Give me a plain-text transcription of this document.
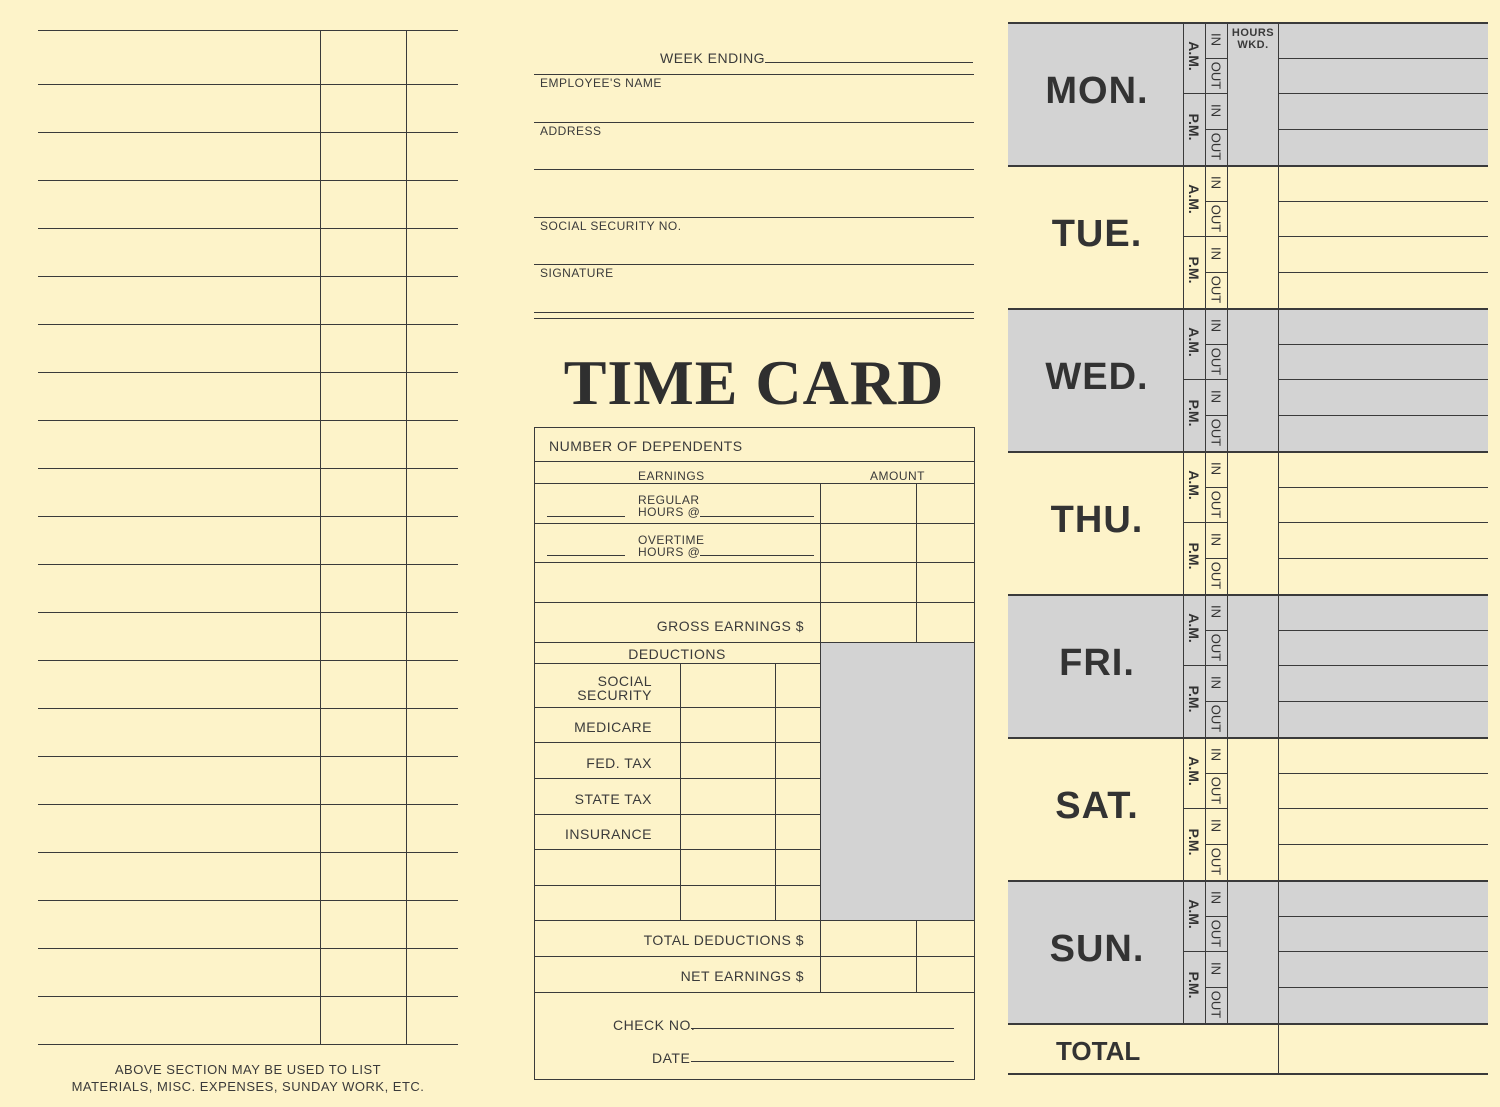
ABOVE SECTION MAY BE USED TO LIST
MATERIALS, MISC. EXPENSES, SUNDAY WORK, ETC.
WEEK ENDING
EMPLOYEE'S NAME
ADDRESS
SOCIAL SECURITY NO.
SIGNATURE
TIME CARD
NUMBER OF DEPENDENTS
EARNINGS	AMOUNT
REGULAR
HOURS @
OVERTIME
HOURS @
GROSS EARNINGS $
DEDUCTIONS
SOCIAL
SECURITY
MEDICARE
FED. TAX
STATE TAX
INSURANCE
TOTAL DEDUCTIONS $
NET EARNINGS $
CHECK NO.
DATE
MON.
A.M.
P.M.
IN
OUT
IN
OUT
TUE.
A.M.
P.M.
IN
OUT
IN
OUT
WED.
A.M.
P.M.
IN
OUT
IN
OUT
THU.
A.M.
P.M.
IN
OUT
IN
OUT
FRI.
A.M.
P.M.
IN
OUT
IN
OUT
SAT.
A.M.
P.M.
IN
OUT
IN
OUT
SUN.
A.M.
P.M.
IN
OUT
IN
OUT
HOURS
WKD.
TOTAL
